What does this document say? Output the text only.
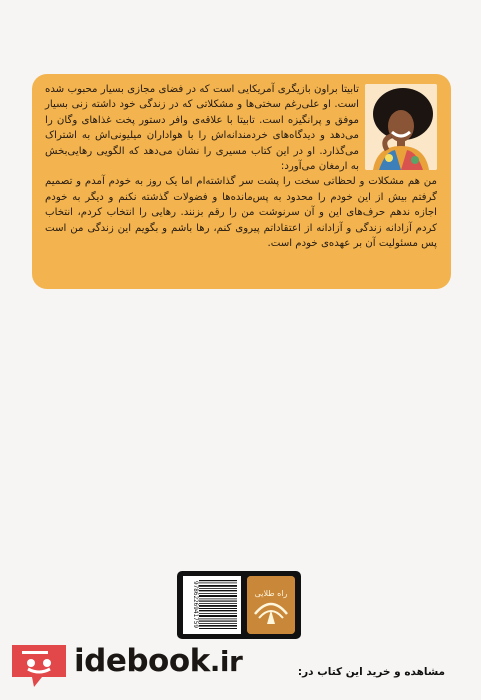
تابیتا براون بازیگری آمریکایی است که در فضای مجازی بسیار محبوب شده است. او علی‌رغم سختی‌ها و مشکلاتی که در زندگی خود داشته زنی بسیار موفق و پرانگیزه است. تابیتا با علاقه‌ی وافر دستور پخت غذاهای وگان را می‌دهد و دیدگاه‌های خردمندانه‌اش را با هواداران میلیونی‌اش به اشتراک می‌گذارد. او در این کتاب مسیری را نشان می‌دهد که الگویی رهایی‌بخش به ارمغان می‌آورد:

من هم مشکلات و لحظاتی سخت را پشت سر گذاشته‌ام اما یک روز به خودم آمدم و تصمیم گرفتم بیش از این خودم را محدود به پس‌مانده‌ها و فضولات گذشته نکنم و دیگر به خودم اجازه ندهم حرف‌های این و آن سرنوشت من را رقم بزنند. رهایی را انتخاب کردم، انتخاب کردم آزادانه زندگی و آزادانه از اعتقاداتم پیروی کنم، رها باشم و بگویم این زندگی من است پس مسئولیت آن بر عهده‌ی خودم است.

9786226941759	راه طلایی
idebook.ir	مشاهده و خرید این کتاب در:
